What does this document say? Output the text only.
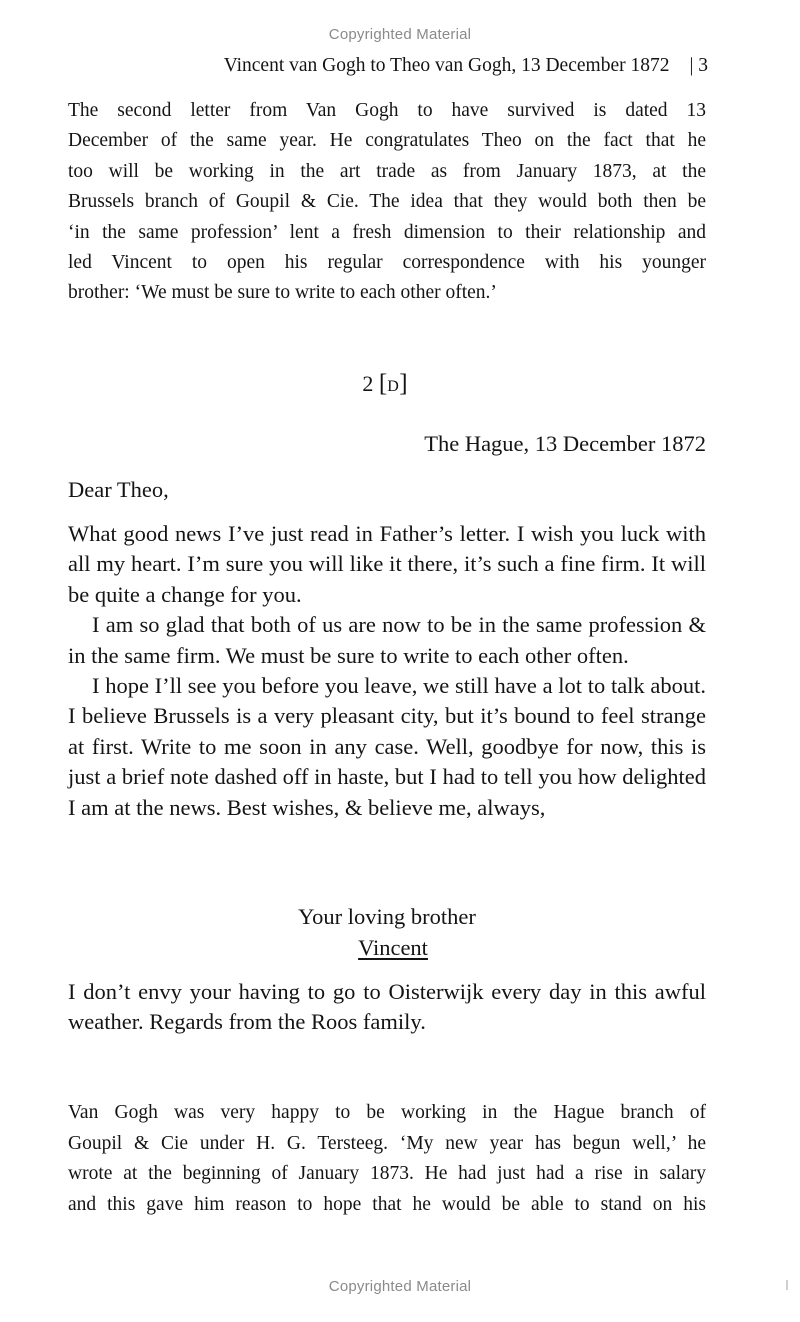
Copyrighted Material
Vincent van Gogh to Theo van Gogh, 13 December 1872 | 3
The second letter from Van Gogh to have survived is dated 13
December of the same year. He congratulates Theo on the fact that he
too will be working in the art trade as from January 1873, at the
Brussels branch of Goupil & Cie. The idea that they would both then be
‘in the same profession’ lent a fresh dimension to their relationship and
led Vincent to open his regular correspondence with his younger
brother: ‘We must be sure to write to each other often.’
2 [D]
The Hague, 13 December 1872
Dear Theo,

What good news I’ve just read in Father’s letter. I wish you luck with all my heart. I’m sure you will like it there, it’s such a fine firm. It will be quite a change for you.

I am so glad that both of us are now to be in the same profession & in the same firm. We must be sure to write to each other often.

I hope I’ll see you before you leave, we still have a lot to talk about. I believe Brussels is a very pleasant city, but it’s bound to feel strange at first. Write to me soon in any case. Well, goodbye for now, this is just a brief note dashed off in haste, but I had to tell you how delighted I am at the news. Best wishes, & believe me, always,

Your loving brother
Vincent
I don’t envy your having to go to Oisterwijk every day in this awful weather. Regards from the Roos family.
Van Gogh was very happy to be working in the Hague branch of
Goupil & Cie under H. G. Tersteeg. ‘My new year has begun well,’ he
wrote at the beginning of January 1873. He had just had a rise in salary
and this gave him reason to hope that he would be able to stand on his
Copyrighted Material
